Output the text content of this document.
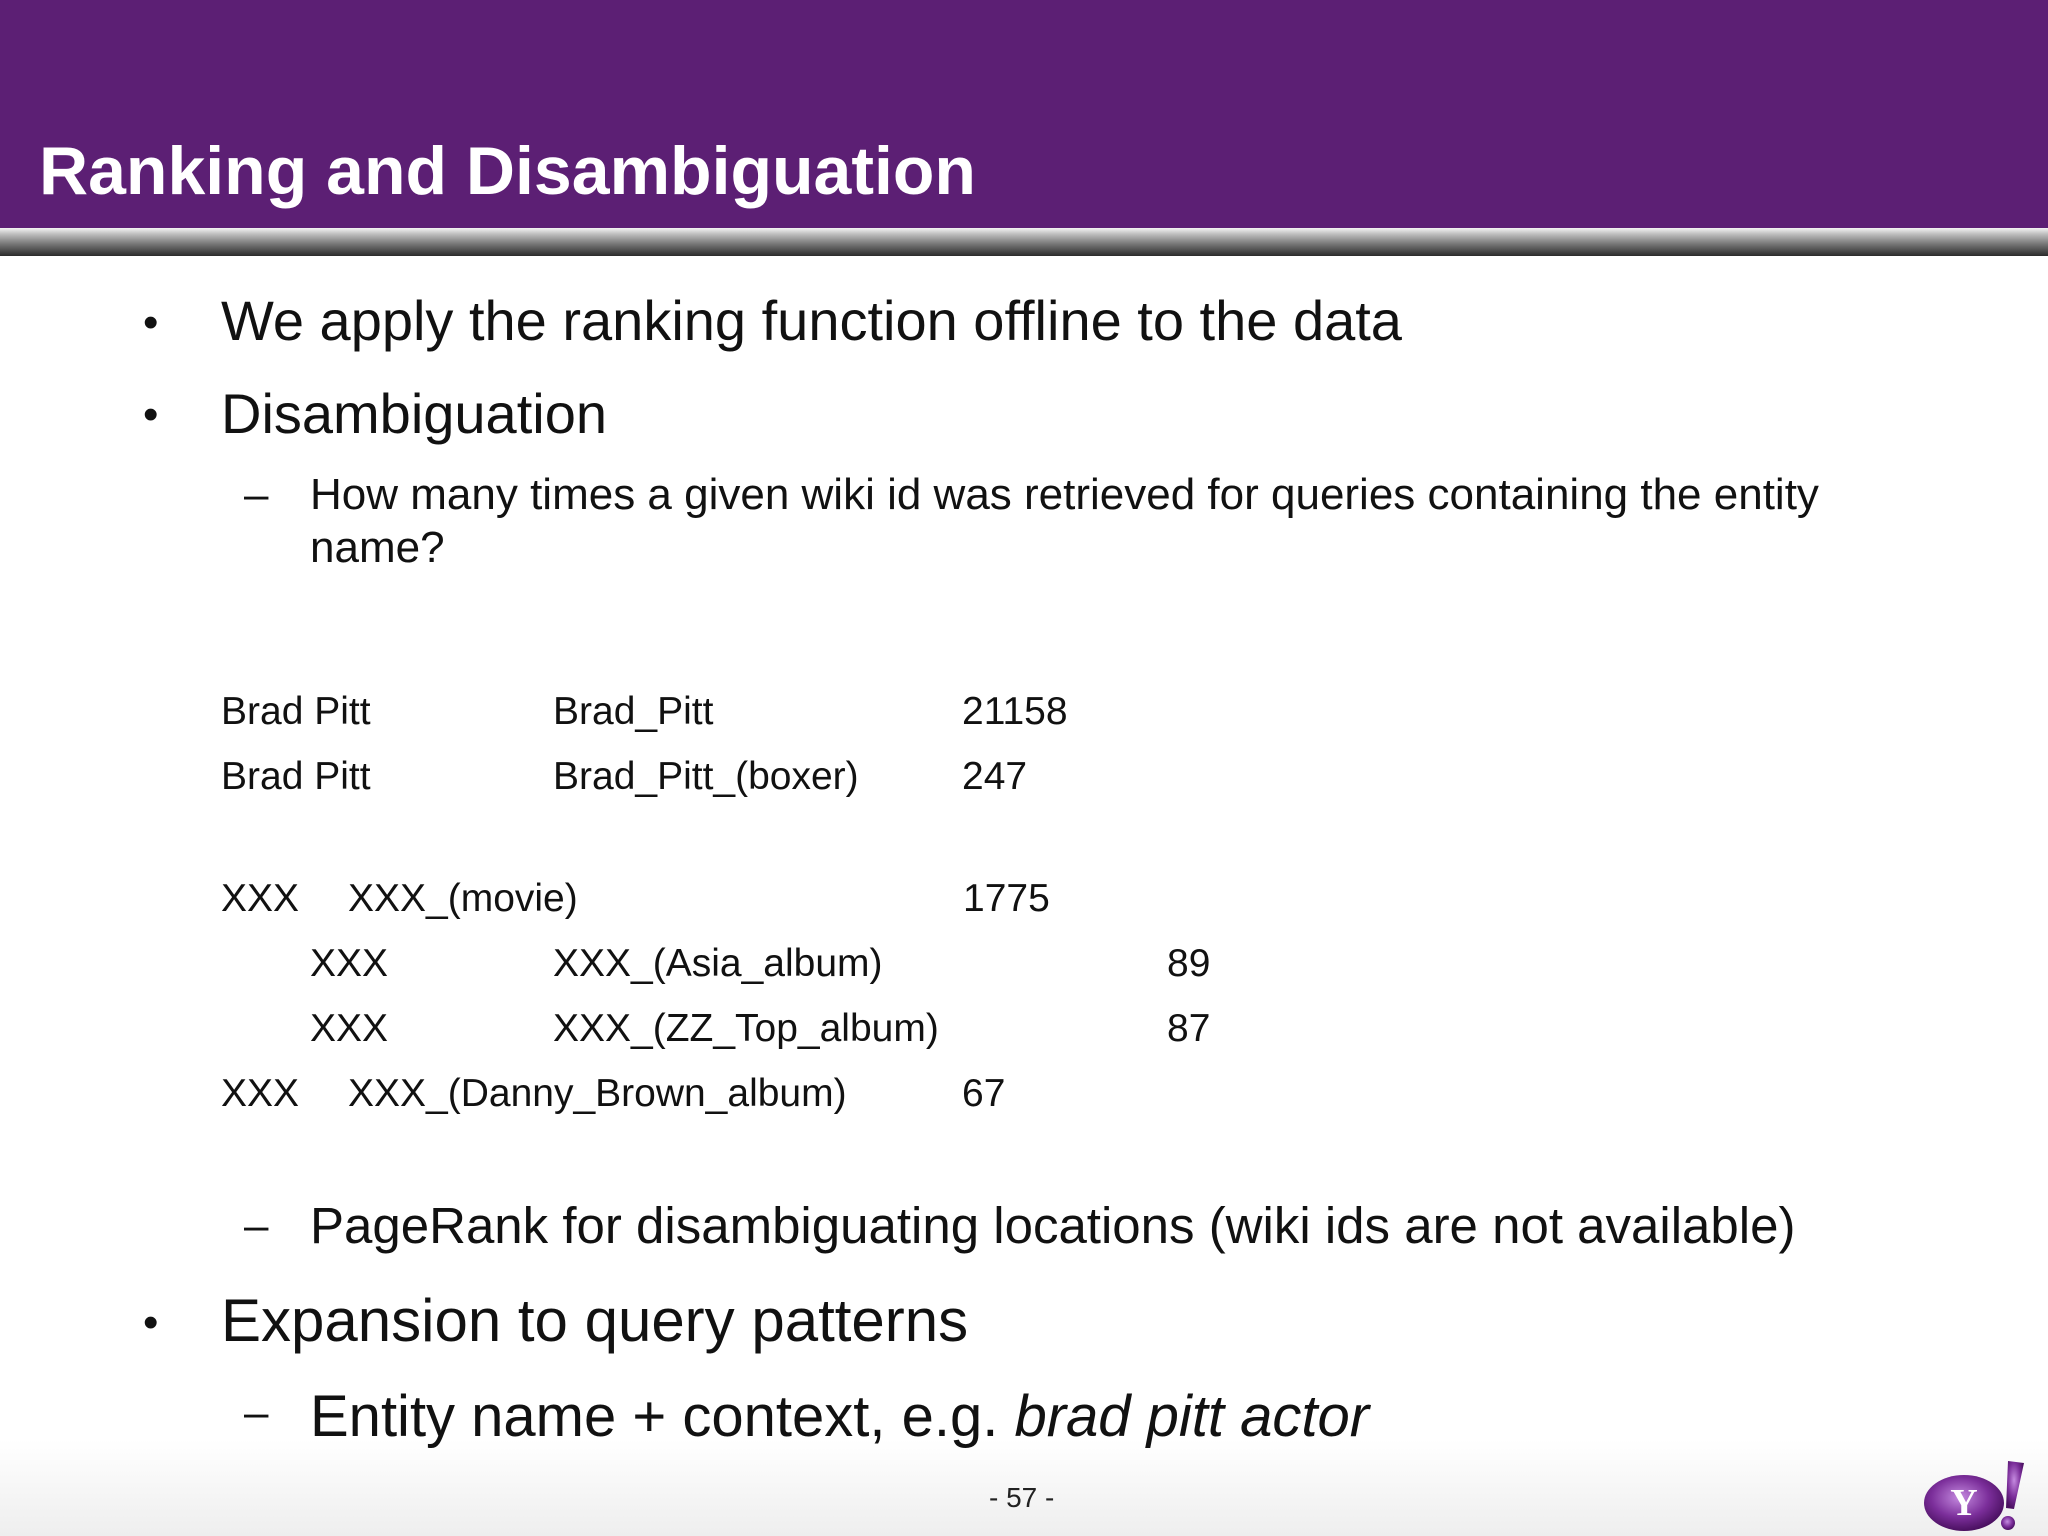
Ranking and Disambiguation
• We apply the ranking function offline to the data
• Disambiguation
– How many times a given wiki id was retrieved for queries containing the entity
name?
Brad Pitt	Brad_Pitt	21158
Brad Pitt	Brad_Pitt_(boxer)	247
XXX XXX_(movie)	1775
XXX	XXX_(Asia_album)	89
XXX	XXX_(ZZ_Top_album)	87
XXX XXX_(Danny_Brown_album)	67
– PageRank for disambiguating locations (wiki ids are not available)
• Expansion to query patterns
– Entity name + context, e.g. brad pitt actor
- 57 -	Y
